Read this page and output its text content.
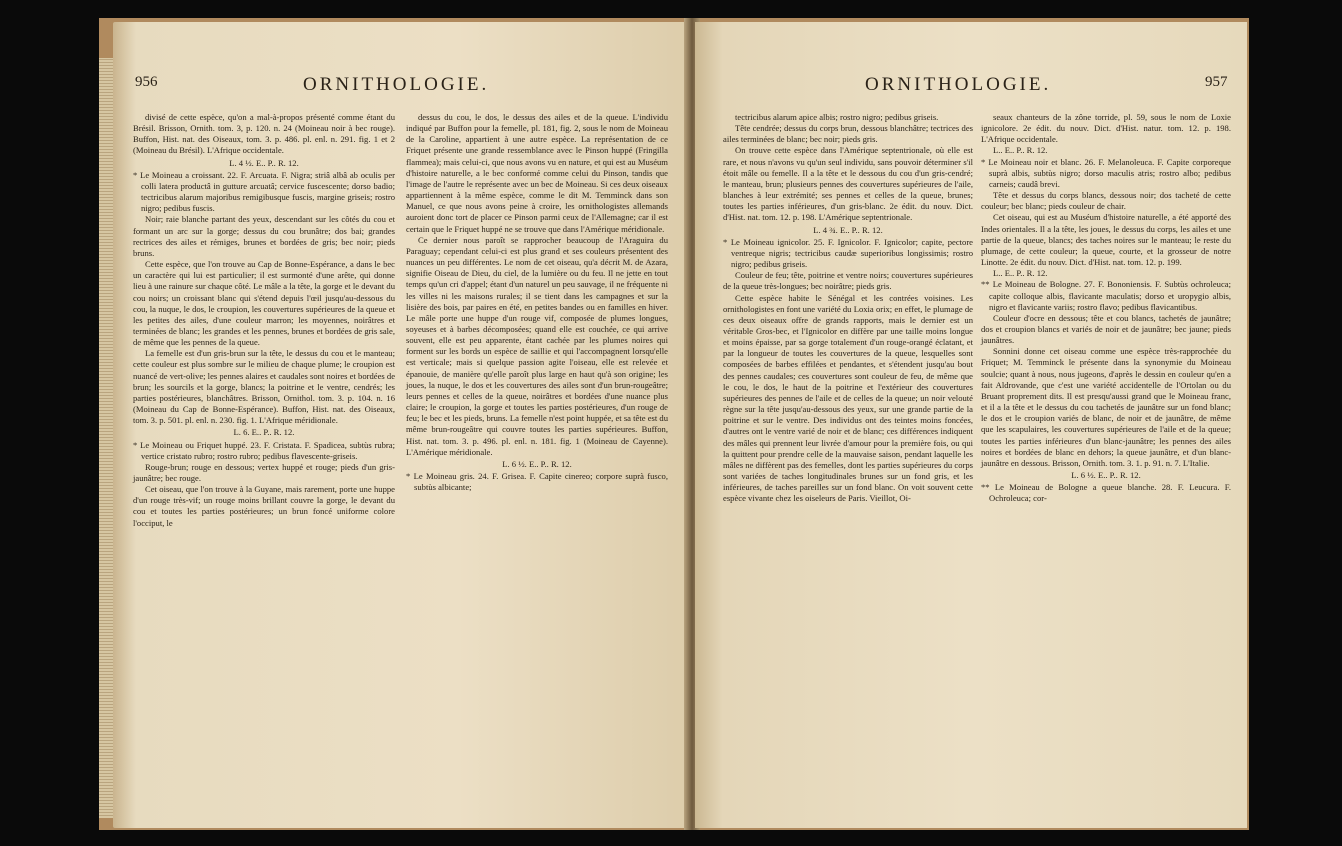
956	ORNITHOLOGIE.

divisé de cette espèce, qu'on a mal-à-propos présenté comme étant du Brésil. Brisson, Ornith. tom. 3, p. 120. n. 24 (Moineau noir à bec rouge). Buffon, Hist. nat. des Oiseaux, tom. 3. p. 486. pl. enl. n. 291. fig. 1 et 2 (Moineau du Brésil). L'Afrique occidentale.

L. 4 ½. E.. P.. R. 12.

* Le Moineau a croissant. 22. F. Arcuata. F. Nigra; striâ albâ ab oculis per colli latera productâ in gutture arcuatâ; cervice fuscescente; dorso badio; tectricibus alarum majoribus remigibusque fuscis, margine griseis; rostro nigro; pedibus fuscis.

Noir; raie blanche partant des yeux, descendant sur les côtés du cou et formant un arc sur la gorge; dessus du cou brunâtre; dos bai; grandes rectrices des ailes et rémiges, brunes et bordées de gris; bec noir; pieds bruns.

Cette espèce, que l'on trouve au Cap de Bonne-Espérance, a dans le bec un caractère qui lui est particulier; il est surmonté d'une arête, qui donne lieu à une rainure sur chaque côté. Le mâle a la tête, la gorge et le devant du cou noirs; un croissant blanc qui s'étend depuis l'œil jusqu'au-dessous du cou, la nuque, le dos, le croupion, les couvertures supérieures de la queue et les petites des ailes, d'une couleur marron; les moyennes, noirâtres et terminées de blanc; les grandes et les pennes, brunes et bordées de gris sale, de même que les pennes de la queue.

La femelle est d'un gris-brun sur la tête, le dessus du cou et le manteau; cette couleur est plus sombre sur le milieu de chaque plume; le croupion est nuancé de vert-olive; les pennes alaires et caudales sont noires et bordées de brun; les sourcils et la gorge, blancs; la poitrine et le ventre, cendrés; les parties postérieures, blanchâtres. Brisson, Ornithol. tom. 3. p. 104. n. 16 (Moineau du Cap de Bonne-Espérance). Buffon, Hist. nat. des Oiseaux, tom. 3. p. 501. pl. enl. n. 230. fig. 1. L'Afrique méridionale.

L. 6. E.. P.. R. 12.

* Le Moineau ou Friquet huppé. 23. F. Cristata. F. Spadicea, subtùs rubra; vertice cristato rubro; rostro rubro; pedibus flavescente-griseis.

Rouge-brun; rouge en dessous; vertex huppé et rouge; pieds d'un gris-jaunâtre; bec rouge.

Cet oiseau, que l'on trouve à la Guyane, mais rarement, porte une huppe d'un rouge très-vif; un rouge moins brillant couvre la gorge, le devant du cou et toutes les parties postérieures; un brun foncé uniforme colore l'occiput, le

dessus du cou, le dos, le dessus des ailes et de la queue. L'individu indiqué par Buffon pour la femelle, pl. 181, fig. 2, sous le nom de Moineau de la Caroline, appartient à une autre espèce. La représentation de ce Friquet présente une grande ressemblance avec le Pinson huppé (Fringilla flammea); mais celui-ci, que nous avons vu en nature, et qui est au Muséum d'histoire naturelle, a le bec conformé comme celui du Pinson, tandis que l'image de l'autre le représente avec un bec de Moineau. Si ces deux oiseaux appartiennent à la même espèce, comme le dit M. Temminck dans son Manuel, ce que nous avons peine à croire, les ornithologistes allemands auroient donc tort de placer ce Pinson parmi ceux de l'Allemagne; car il est certain que le Friquet huppé ne se trouve que dans l'Amérique méridionale.

Ce dernier nous paroît se rapprocher beaucoup de l'Araguira du Paraguay; cependant celui-ci est plus grand et ses couleurs présentent des nuances un peu différentes. Le nom de cet oiseau, qu'a décrit M. de Azara, signifie Oiseau de Dieu, du ciel, de la lumière ou du feu. Il ne jette en tout temps qu'un cri d'appel; étant d'un naturel un peu sauvage, il ne fréquente ni les villes ni les maisons rurales; il se tient dans les campagnes et sur la lisière des bois, par paires en été, en petites bandes ou en familles en hiver. Le mâle porte une huppe d'un rouge vif, composée de plumes longues, soyeuses et à barbes décomposées; quand elle est couchée, ce qui arrive souvent, elle est peu apparente, étant cachée par les plumes noires qui forment sur les bords un espèce de saillie et qui l'accompagnent lorsqu'elle est verticale; mais si quelque passion agite l'oiseau, elle est relevée et épanouie, de manière qu'elle paroît plus large en haut qu'à son origine; les joues, la nuque, le dos et les couvertures des ailes sont d'un brun-rougeâtre; leurs pennes et celles de la queue, noirâtres et bordées d'une nuance plus claire; le croupion, la gorge et toutes les parties postérieures, d'un rouge de feu; le bec et les pieds, bruns. La femelle n'est point huppée, et sa tête est du même brun-rougeâtre qui couvre toutes les parties supérieures. Buffon, Hist. nat. tom. 3. p. 496. pl. enl. n. 181. fig. 1 (Moineau de Cayenne). L'Amérique méridionale.

L. 6 ½. E.. P.. R. 12.

* Le Moineau gris. 24. F. Grisea. F. Capite cinereo; corpore suprà fusco, subtùs albicante;

ORNITHOLOGIE.	957

tectricibus alarum apice albis; rostro nigro; pedibus griseis.

Tête cendrée; dessus du corps brun, dessous blanchâtre; tectrices des ailes terminées de blanc; bec noir; pieds gris.

On trouve cette espèce dans l'Amérique septentrionale, où elle est rare, et nous n'avons vu qu'un seul individu, sans pouvoir déterminer s'il étoit mâle ou femelle. Il a la tête et le dessous du cou d'un gris-cendré; le manteau, brun; plusieurs pennes des couvertures supérieures de l'aile, blanches à leur extrémité; ses pennes et celles de la queue, brunes; toutes les parties inférieures, d'un gris-blanc. 2e édit. du nouv. Dict. d'Hist. nat. tom. 12. p. 198. L'Amérique septentrionale.

L. 4 ¾. E.. P.. R. 12.

* Le Moineau ignicolor. 25. F. Ignicolor. F. Ignicolor; capite, pectore ventreque nigris; tectricibus caudæ superioribus longissimis; rostro nigro; pedibus griseis.

Couleur de feu; tête, poitrine et ventre noirs; couvertures supérieures de la queue très-longues; bec noirâtre; pieds gris.

Cette espèce habite le Sénégal et les contrées voisines. Les ornithologistes en font une variété du Loxia orix; en effet, le plumage de ces deux oiseaux offre de grands rapports, mais le dernier est un véritable Gros-bec, et l'Ignicolor en diffère par une taille moins longue et moins épaisse, par sa gorge totalement d'un rouge-orangé éclatant, et par la longueur de toutes les couvertures de la queue, lesquelles sont composées de barbes effilées et pendantes, et s'étendent jusqu'au bout des pennes caudales; ces couvertures sont couleur de feu, de même que le cou, le dos, le haut de la poitrine et l'extérieur des couvertures supérieures des pennes de l'aile et de celles de la queue; un noir velouté règne sur la tête jusqu'au-dessous des yeux, sur une grande partie de la poitrine et sur le ventre. Des individus ont des teintes moins foncées, d'autres ont le ventre varié de noir et de blanc; ces différences indiquent des mâles qui prennent leur livrée d'amour pour la première fois, ou qui la quittent pour prendre celle de la mauvaise saison, pendant laquelle les mâles ne diffèrent pas des femelles, dont les parties supérieures du corps sont variées de taches longitudinales brunes sur un fond gris, et les inférieures, de taches pareilles sur un fond blanc. On voit souvent cette espèce vivante chez les oiseleurs de Paris. Vieillot, Oi-

seaux chanteurs de la zône torride, pl. 59, sous le nom de Loxie ignicolore. 2e édit. du nouv. Dict. d'Hist. natur. tom. 12. p. 198. L'Afrique occidentale.

L.. E.. P.. R. 12.

* Le Moineau noir et blanc. 26. F. Melanoleuca. F. Capite corporeque suprà albis, subtùs nigro; dorso maculis atris; rostro albo; pedibus carneis; caudâ brevi.

Tête et dessus du corps blancs, dessous noir; dos tacheté de cette couleur; bec blanc; pieds couleur de chair.

Cet oiseau, qui est au Muséum d'histoire naturelle, a été apporté des Indes orientales. Il a la tête, les joues, le dessus du corps, les ailes et une partie de la queue, blancs; des taches noires sur le manteau; le reste du plumage, de cette couleur; la queue, courte, et la grosseur de notre Linotte. 2e édit. du nouv. Dict. d'Hist. nat. tom. 12. p. 199.

L.. E.. P.. R. 12.

** Le Moineau de Bologne. 27. F. Bononiensis. F. Subtùs ochroleuca; capite colloque albis, flavicante maculatis; dorso et uropygio albis, nigro et flavicante variis; rostro flavo; pedibus flavicantibus.

Couleur d'ocre en dessous; tête et cou blancs, tachetés de jaunâtre; dos et croupion blancs et variés de noir et de jaunâtre; bec jaune; pieds jaunâtres.

Sonnini donne cet oiseau comme une espèce très-rapprochée du Friquet; M. Temminck le présente dans la synonymie du Moineau soulcie; quant à nous, nous jugeons, d'après le dessin en couleur qu'en a fait Aldrovande, que c'est une variété accidentelle de l'Ortolan ou du Bruant proprement dits. Il est presqu'aussi grand que le Moineau franc, et il a la tête et le dessus du cou tachetés de jaunâtre sur un fond blanc; le dos et le croupion variés de blanc, de noir et de jaunâtre, de même que les scapulaires, les couvertures supérieures de l'aile et de la queue; toutes les parties inférieures d'un blanc-jaunâtre; les pennes des ailes noires et bordées de blanc en dehors; la queue jaunâtre, et d'un blanc-jaunâtre en dessous. Brisson, Ornith. tom. 3. 1. p. 91. n. 7. L'Italie.

L. 6 ½. E.. P.. R. 12.

** Le Moineau de Bologne a queue blanche. 28. F. Leucura. F. Ochroleuca; cor-
